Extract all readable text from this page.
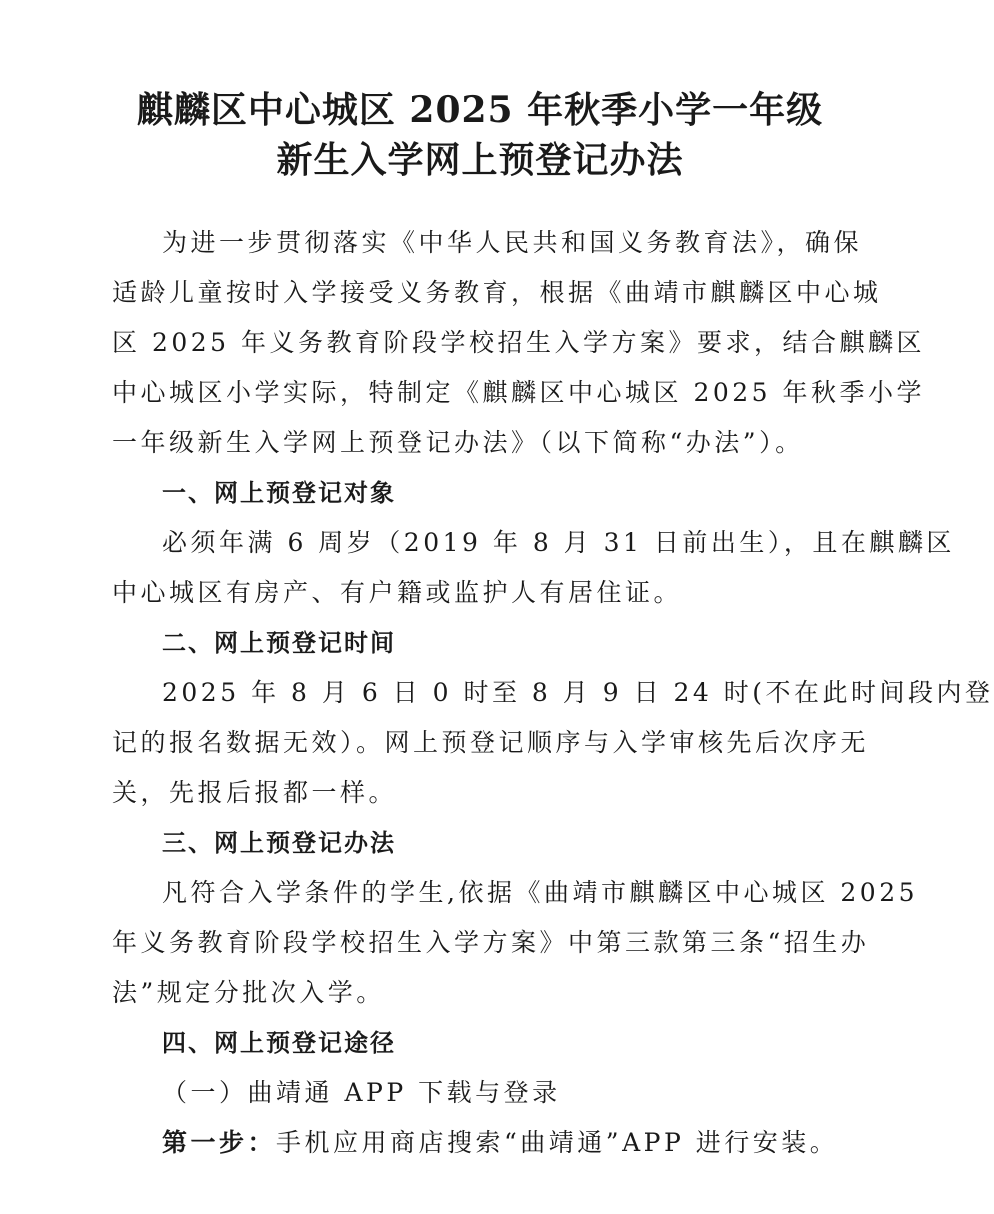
麒麟区中心城区 2025 年秋季小学一年级
新生入学网上预登记办法
为进一步贯彻落实《中华人民共和国义务教育法》，确保
适龄儿童按时入学接受义务教育，根据《曲靖市麒麟区中心城
区 2025 年义务教育阶段学校招生入学方案》要求，结合麒麟区
中心城区小学实际，特制定《麒麟区中心城区 2025 年秋季小学
一年级新生入学网上预登记办法》（以下简称“办法”）。
一、网上预登记对象
必须年满 6 周岁（2019 年 8 月 31 日前出生），且在麒麟区
中心城区有房产、有户籍或监护人有居住证。
二、网上预登记时间
2025 年 8 月 6 日 0 时至 8 月 9 日 24 时(不在此时间段内登
记的报名数据无效）。网上预登记顺序与入学审核先后次序无
关，先报后报都一样。
三、网上预登记办法
凡符合入学条件的学生,依据《曲靖市麒麟区中心城区 2025
年义务教育阶段学校招生入学方案》中第三款第三条“招生办
法”规定分批次入学。
四、网上预登记途径
（一）曲靖通 APP 下载与登录
第一步：手机应用商店搜索“曲靖通”APP 进行安装。
